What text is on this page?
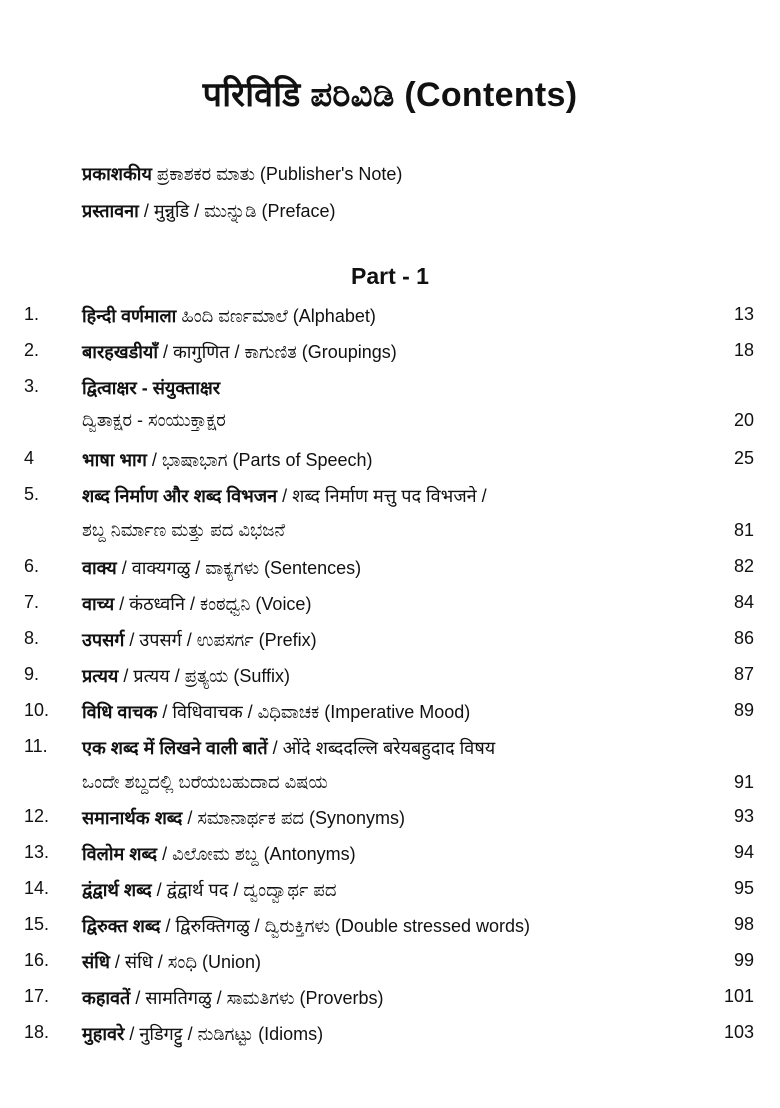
परिविडि ಪರಿವಿಡಿ (Contents)
प्रकाशकीय ಪ್ರಕಾಶಕರ ಮಾತು (Publisher's Note)
प्रस्तावना / मुन्नुडि / ಮುನ್ನುಡಿ (Preface)
Part - 1
1. हिन्दी वर्णमाला ಹಿಂದಿ ವರ್ಣಮಾಲೆ (Alphabet)	13
2. बारहखडीयाँ / कागुणित / ಕಾಗುಣಿತ (Groupings)	18
3. द्वित्वाक्षर - संयुक्ताक्षर
ದ್ವಿತಾಕ್ಷರ - ಸಂಯುಕ್ತಾಕ್ಷರ	20
4	भाषा भाग / ಭಾಷಾಭಾಗ (Parts of Speech)	25
5. शब्द निर्माण और शब्द विभजन / शब्द निर्माण मत्तु पद विभजने /
ಶಬ್ದ ನಿರ್ಮಾಣ ಮತ್ತು ಪದ ವಿಭಜನೆ	81
6. वाक्य / वाक्यगळु / ವಾಕ್ಯಗಳು (Sentences)	82
7. वाच्य / कंठध्वनि / ಕಂಠಧ್ವನಿ (Voice)	84
8. उपसर्ग / उपसर्ग / ಉಪಸರ್ಗ (Prefix)	86
9. प्रत्यय / प्रत्यय / ಪ್ರತ್ಯಯ (Suffix)	87
10. विधि वाचक / विधिवाचक / ವಿಧಿವಾಚಕ (Imperative Mood)	89
11. एक शब्द में लिखने वाली बातें / ओंदे शब्ददल्लि बरेयबहुदाद विषय
ಒಂದೇ ಶಬ್ದದಲ್ಲಿ ಬರೆಯಬಹುದಾದ ವಿಷಯ	91
12. समानार्थक शब्द / ಸಮಾನಾರ್ಥಕ ಪದ (Synonyms)	93
13. विलोम शब्द / ವಿಲೋಮ ಶಬ್ದ (Antonyms)	94
14. द्वंद्वार्थ शब्द / द्वंद्वार्थ पद / ದ್ವಂದ್ವಾರ್ಥ ಪದ	95
15. द्विरुक्त शब्द / द्विरुक्तिगळु / ದ್ವಿರುಕ್ತಿಗಳು (Double stressed words)	98
16. संधि / संधि / ಸಂಧಿ (Union)	99
17. कहावतें / सामतिगळु / ಸಾಮತಿಗಳು (Proverbs)	101
18. मुहावरे / नुडिगट्टु / ನುಡಿಗಟ್ಟು (Idioms)	103
